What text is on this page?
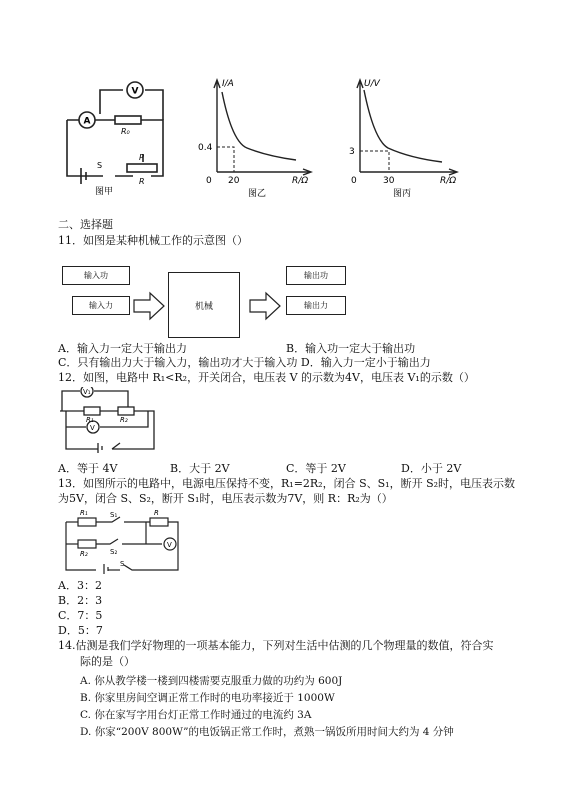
A
V
R₀
S
P
R
图甲
I/A
R/Ω
0 20
0.4
图乙
U/V
R/Ω
0	30
3
图丙
二、选择题
11．如图是某种机械工作的示意图（）
输入功
输入力	机械
输出功
输出力
A．输入力一定大于输出力	B．输入功一定大于输出功
C．只有输出力大于输入力，输出功才大于输入功 D．输入力一定小于输出力
12．如图，电路中 R₁<R₂，开关闭合，电压表 V 的示数为4V，电压表 V₁的示数（）
V₁
V
R₁	R₂
A．等于 4V	B．大于 2V	C．等于 2V	D．小于 2V
13．如图所示的电路中，电源电压保持不变，R₁=2R₂，闭合 S、S₁，断开 S₂时，电压表示数
为5V，闭合 S、S₂，断开 S₁时，电压表示数为7V，则 R：R₂为（）
V
R₁	S₁	R
R₂	S₂
S
A．3：2
B．2：3
C．7：5
D．5：7
14.估测是我们学好物理的一项基本能力，下列对生活中估测的几个物理量的数值，符合实
际的是（）
A. 你从教学楼一楼到四楼需要克服重力做的功约为 600J
B. 你家里房间空调正常工作时的电功率接近于 1000W
C. 你在家写字用台灯正常工作时通过的电流约 3A
D. 你家“200V 800W”的电饭锅正常工作时，煮熟一锅饭所用时间大约为 4 分钟
